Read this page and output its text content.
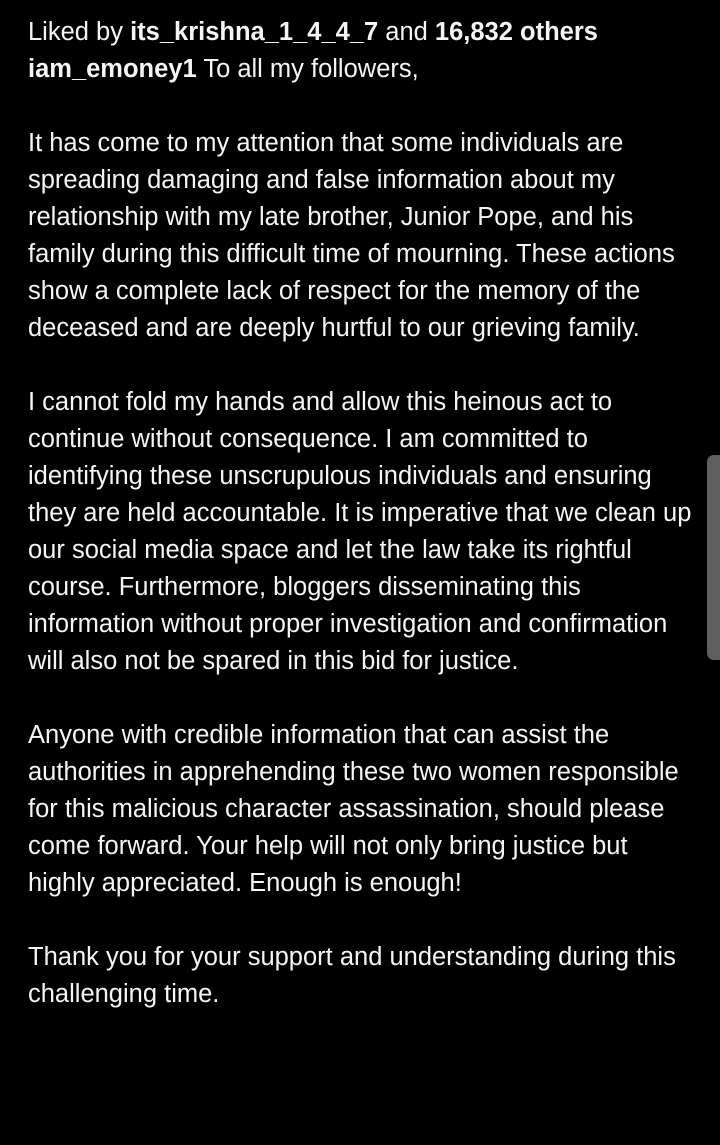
Liked by its_krishna_1_4_4_7 and 16,832 others

iam_emoney1 To all my followers,

It has come to my attention that some individuals are spreading damaging and false information about my relationship with my late brother, Junior Pope, and his family during this difficult time of mourning. These actions show a complete lack of respect for the memory of the deceased and are deeply hurtful to our grieving family.

I cannot fold my hands and allow this heinous act to continue without consequence. I am committed to identifying these unscrupulous individuals and ensuring they are held accountable. It is imperative that we clean up our social media space and let the law take its rightful course. Furthermore, bloggers disseminating this information without proper investigation and confirmation will also not be spared in this bid for justice.

Anyone with credible information that can assist the authorities in apprehending these two women responsible for this malicious character assassination, should please come forward. Your help will not only bring justice but highly appreciated. Enough is enough!

Thank you for your support and understanding during this challenging time.
